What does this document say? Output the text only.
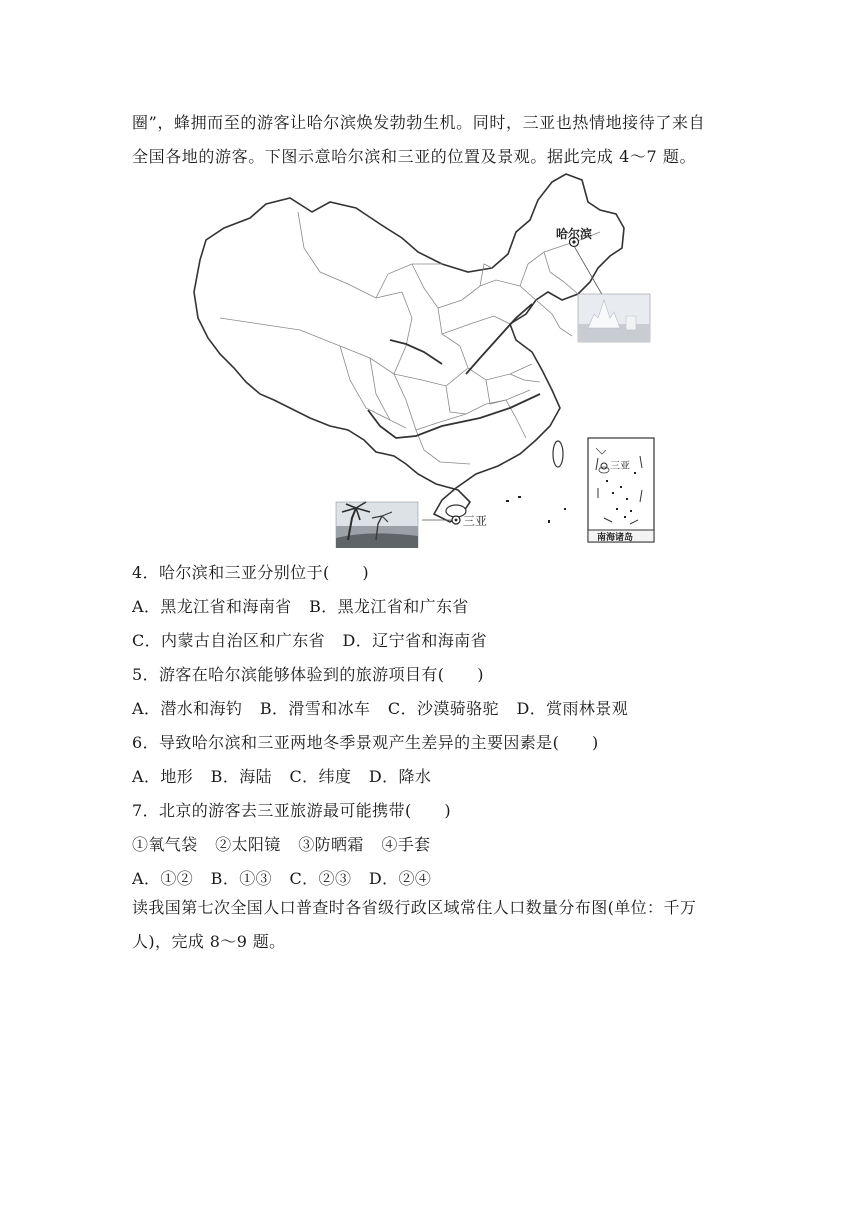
圈”，蜂拥而至的游客让哈尔滨焕发勃勃生机。同时，三亚也热情地接待了来自
全国各地的游客。下图示意哈尔滨和三亚的位置及景观。据此完成 4～7 题。
哈尔滨
三亚
三亚
南海诸岛
4．哈尔滨和三亚分别位于(　　)
A．黑龙江省和海南省 B．黑龙江省和广东省
C．内蒙古自治区和广东省 D．辽宁省和海南省
5．游客在哈尔滨能够体验到的旅游项目有(　　)
A．潜水和海钓 B．滑雪和冰车 C．沙漠骑骆驼 D．赏雨林景观
6．导致哈尔滨和三亚两地冬季景观产生差异的主要因素是(　　)
A．地形 B．海陆 C．纬度 D．降水
7．北京的游客去三亚旅游最可能携带(　　)
①氧气袋 ②太阳镜 ③防晒霜 ④手套
A．①② B．①③ C．②③ D．②④
读我国第七次全国人口普查时各省级行政区域常住人口数量分布图(单位：千万
人)，完成 8～9 题。
